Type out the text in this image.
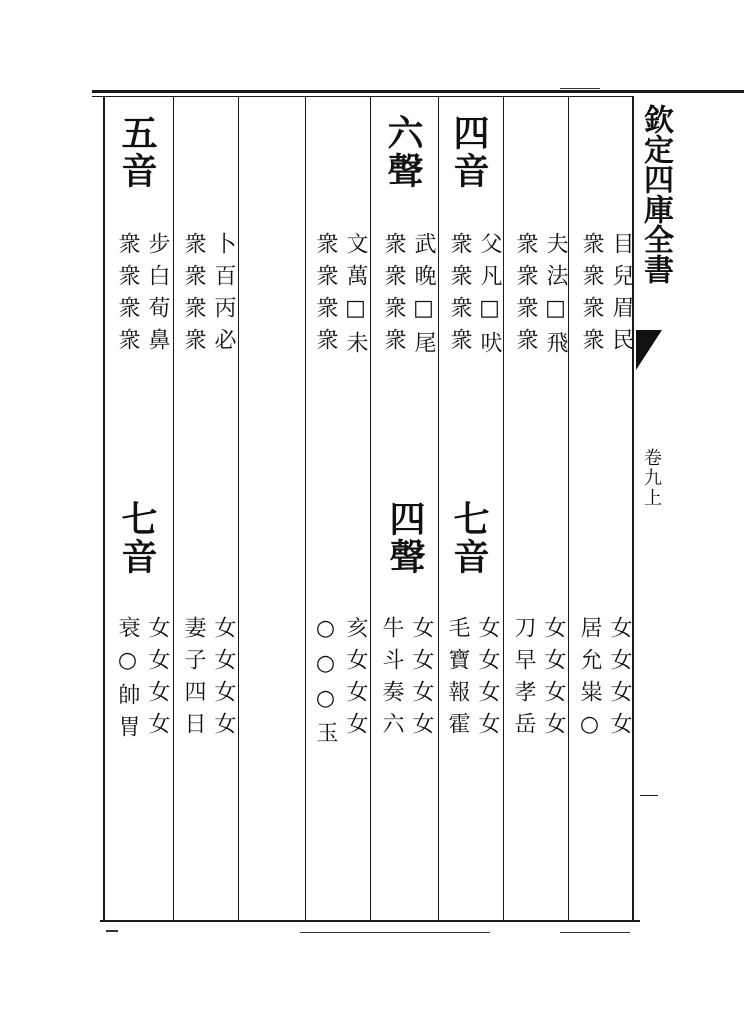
欽定四庫全書
卷九上
四音
六聲
五音
七音
四聲
七音
目兒眉民
衆衆衆衆
夫法□飛
衆衆衆衆
父凡□吠
衆衆衆衆
武晚□尾
衆衆衆衆
文萬□未
衆衆衆衆
卜百丙必
衆衆衆衆
步白荀鼻
衆衆衆衆
女女女女
居允粜○
女女女女
刀早孝岳
女女女女
毛寶報霍
女女女女
牛斗奏六
亥女女女
○○○玉
女女女女
妻子四日
女女女女
衰○帥胃
